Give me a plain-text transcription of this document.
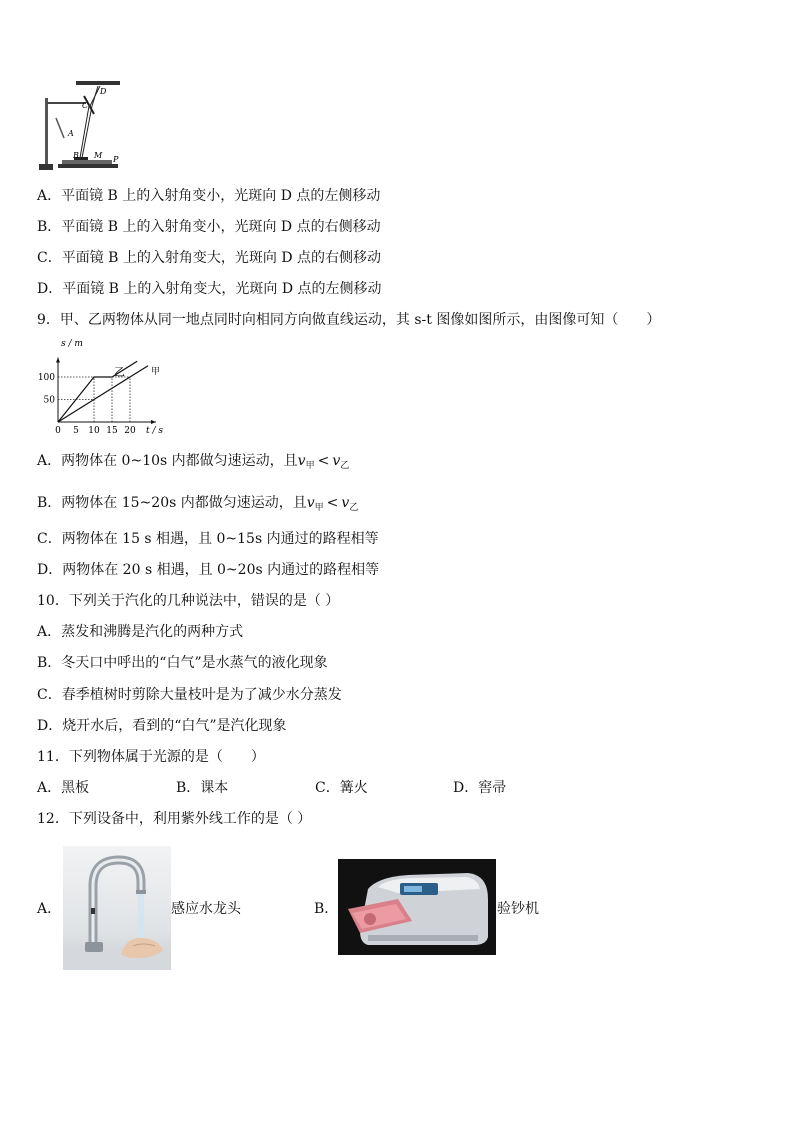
D
C
A
B M P
A．平面镜 B 上的入射角变小，光斑向 D 点的左侧移动
B．平面镜 B 上的入射角变小，光斑向 D 点的右侧移动
C．平面镜 B 上的入射角变大，光斑向 D 点的右侧移动
D．平面镜 B 上的入射角变大，光斑向 D 点的左侧移动
9．甲、乙两物体从同一地点同时向相同方向做直线运动，其 s-t 图像如图所示，由图像可知（　　）
甲
乙
0 5 10 15 20
50
100
s / m
t / s
A．两物体在 0~10s 内都做匀速运动，且$v_甲 < v_乙$
B．两物体在 15~20s 内都做匀速运动，且$v_甲 < v_乙$
C．两物体在 15 s 相遇，且 0~15s 内通过的路程相等
D．两物体在 20 s 相遇，且 0~20s 内通过的路程相等
10．下列关于汽化的几种说法中，错误的是（ ）
A．蒸发和沸腾是汽化的两种方式
B．冬天口中呼出的“白气”是水蒸气的液化现象
C．春季植树时剪除大量枝叶是为了减少水分蒸发
D．烧开水后，看到的“白气”是汽化现象
11．下列物体属于光源的是（　　）
A．黑板	B．课本	C．篝火	D．窖帚
12．下列设备中，利用紫外线工作的是（ ）
A．	感应水龙头	B．	验钞机
